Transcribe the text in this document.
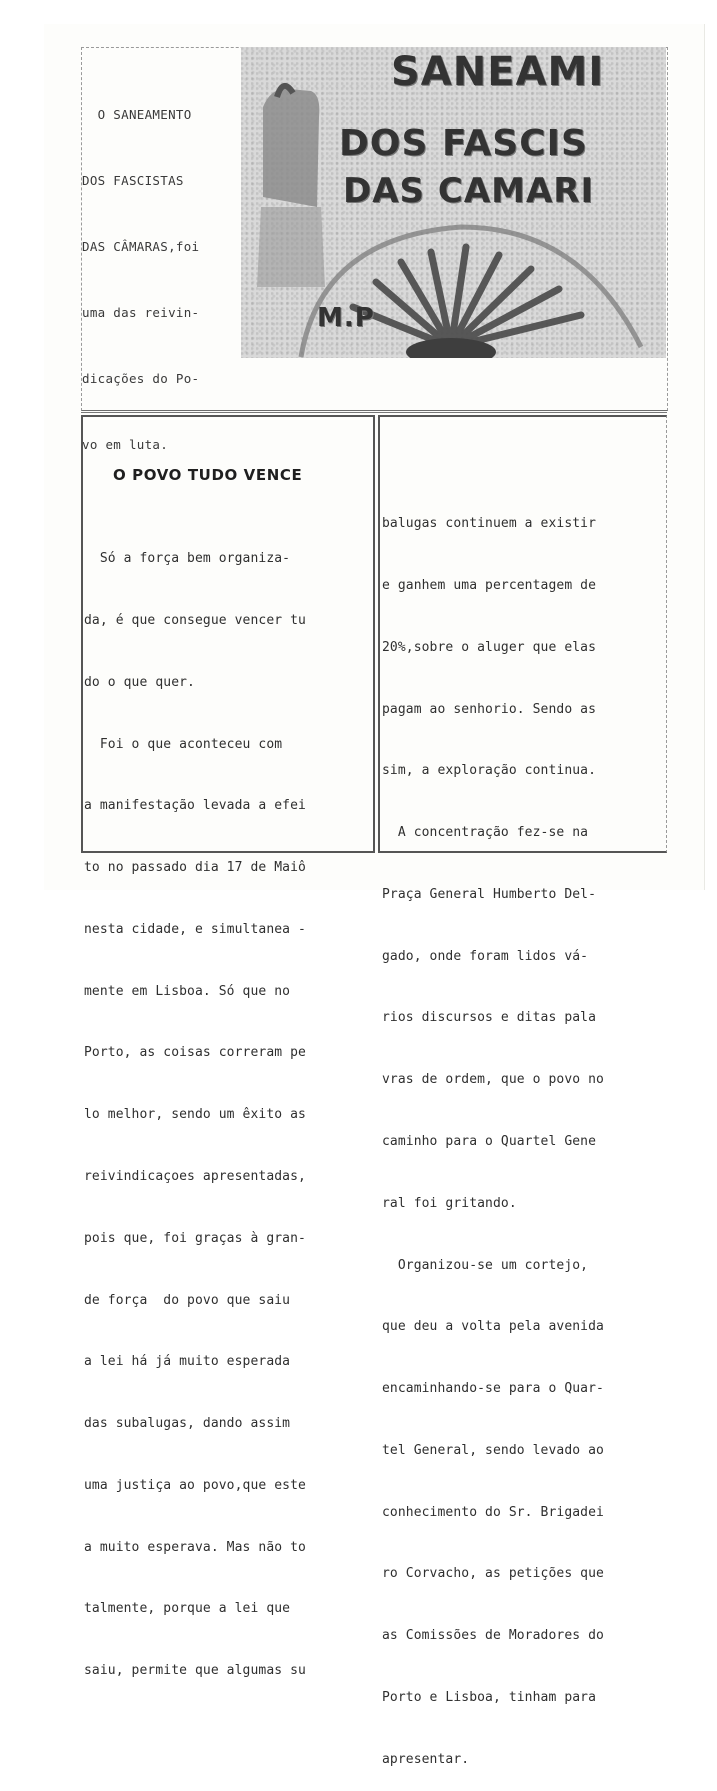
O SANEAMENTO

DOS FASCISTAS

DAS CÂMARAS,foi

uma das reivin-

dicações do Po-

vo em luta.

SANEAMI
DOS FASCIS
DAS CAMARI
M.P
O POVO TUDO VENCE

Só a força bem organiza-

da, é que consegue vencer tu

do o que quer.

Foi o que aconteceu com

a manifestação levada a efei

to no passado dia 17 de Maiô

nesta cidade, e simultanea -

mente em Lisboa. Só que no

Porto, as coisas correram pe

lo melhor, sendo um êxito as

reivindicaçoes apresentadas,

pois que, foi graças à gran-

de força  do povo que saiu

a lei há já muito esperada

das subalugas, dando assim

uma justiça ao povo,que este

a muito esperava. Mas não to

talmente, porque a lei que

saiu, permite que algumas su

balugas continuem a existir

e ganhem uma percentagem de

20%,sobre o aluger que elas

pagam ao senhorio. Sendo as

sim, a exploração continua.

A concentração fez-se na

Praça General Humberto Del-

gado, onde foram lidos vá-

rios discursos e ditas pala

vras de ordem, que o povo no

caminho para o Quartel Gene

ral foi gritando.

Organizou-se um cortejo,

que deu a volta pela avenida

encaminhando-se para o Quar-

tel General, sendo levado ao

conhecimento do Sr. Brigadei

ro Corvacho, as petições que

as Comissões de Moradores do

Porto e Lisboa, tinham para

apresentar.
